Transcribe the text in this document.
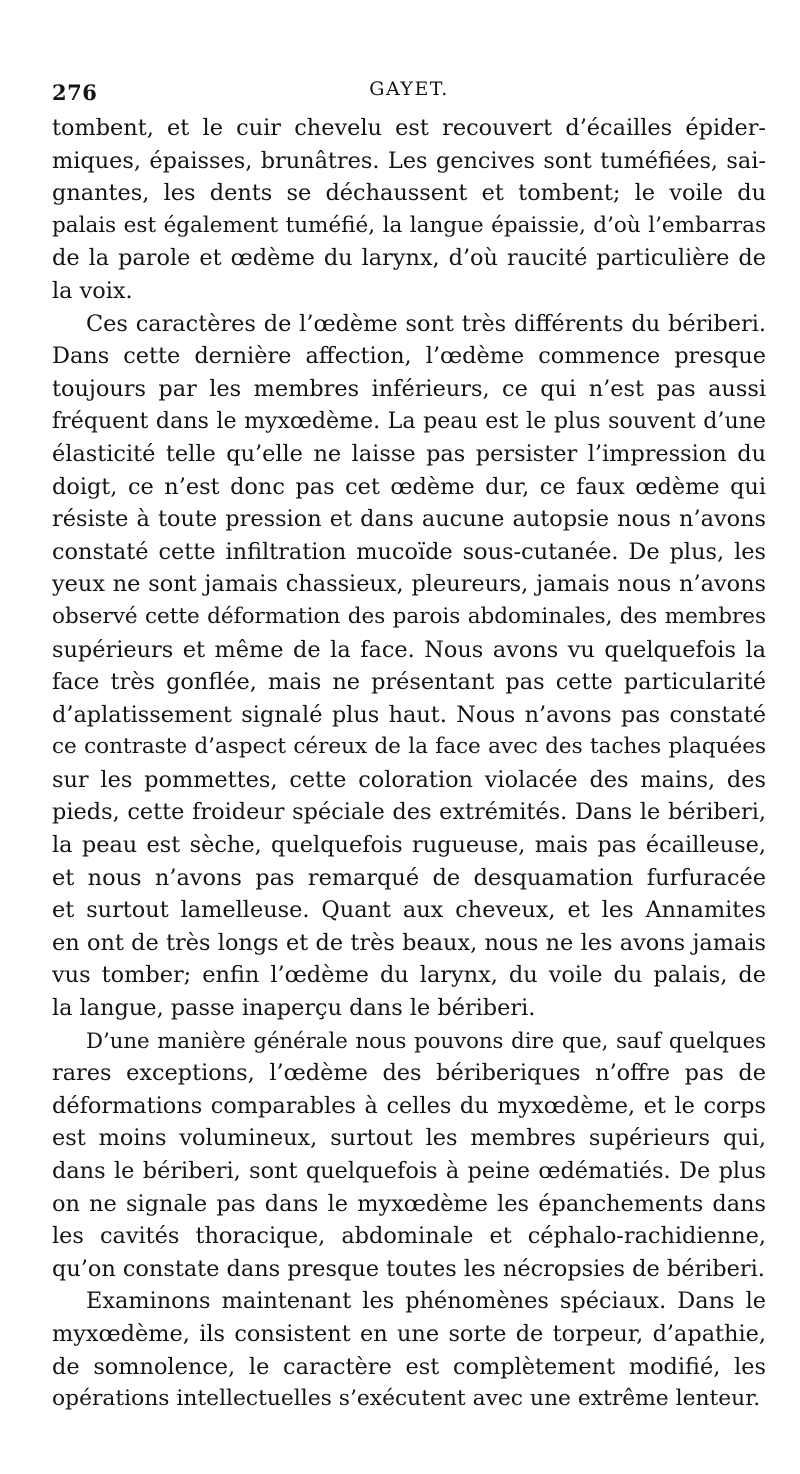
276	GAYET.
tombent, et le cuir chevelu est recouvert d’écailles épider-
miques, épaisses, brunâtres. Les gencives sont tuméfiées, sai-
gnantes, les dents se déchaussent et tombent; le voile du
palais est également tuméfié, la langue épaissie, d’où l’embarras
de la parole et œdème du larynx, d’où raucité particulière de
la voix.
Ces caractères de l’œdème sont très différents du bériberi.
Dans cette dernière affection, l’œdème commence presque
toujours par les membres inférieurs, ce qui n’est pas aussi
fréquent dans le myxœdème. La peau est le plus souvent d’une
élasticité telle qu’elle ne laisse pas persister l’impression du
doigt, ce n’est donc pas cet œdème dur, ce faux œdème qui
résiste à toute pression et dans aucune autopsie nous n’avons
constaté cette infiltration mucoïde sous-cutanée. De plus, les
yeux ne sont jamais chassieux, pleureurs, jamais nous n’avons
observé cette déformation des parois abdominales, des membres
supérieurs et même de la face. Nous avons vu quelquefois la
face très gonflée, mais ne présentant pas cette particularité
d’aplatissement signalé plus haut. Nous n’avons pas constaté
ce contraste d’aspect céreux de la face avec des taches plaquées
sur les pommettes, cette coloration violacée des mains, des
pieds, cette froideur spéciale des extrémités. Dans le bériberi,
la peau est sèche, quelquefois rugueuse, mais pas écailleuse,
et nous n’avons pas remarqué de desquamation furfuracée
et surtout lamelleuse. Quant aux cheveux, et les Annamites
en ont de très longs et de très beaux, nous ne les avons jamais
vus tomber; enfin l’œdème du larynx, du voile du palais, de
la langue, passe inaperçu dans le bériberi.
D’une manière générale nous pouvons dire que, sauf quelques
rares exceptions, l’œdème des bériberiques n’offre pas de
déformations comparables à celles du myxœdème, et le corps
est moins volumineux, surtout les membres supérieurs qui,
dans le bériberi, sont quelquefois à peine œdématiés. De plus
on ne signale pas dans le myxœdème les épanchements dans
les cavités thoracique, abdominale et céphalo-rachidienne,
qu’on constate dans presque toutes les nécropsies de bériberi.
Examinons maintenant les phénomènes spéciaux. Dans le
myxœdème, ils consistent en une sorte de torpeur, d’apathie,
de somnolence, le caractère est complètement modifié, les
opérations intellectuelles s’exécutent avec une extrême lenteur.
